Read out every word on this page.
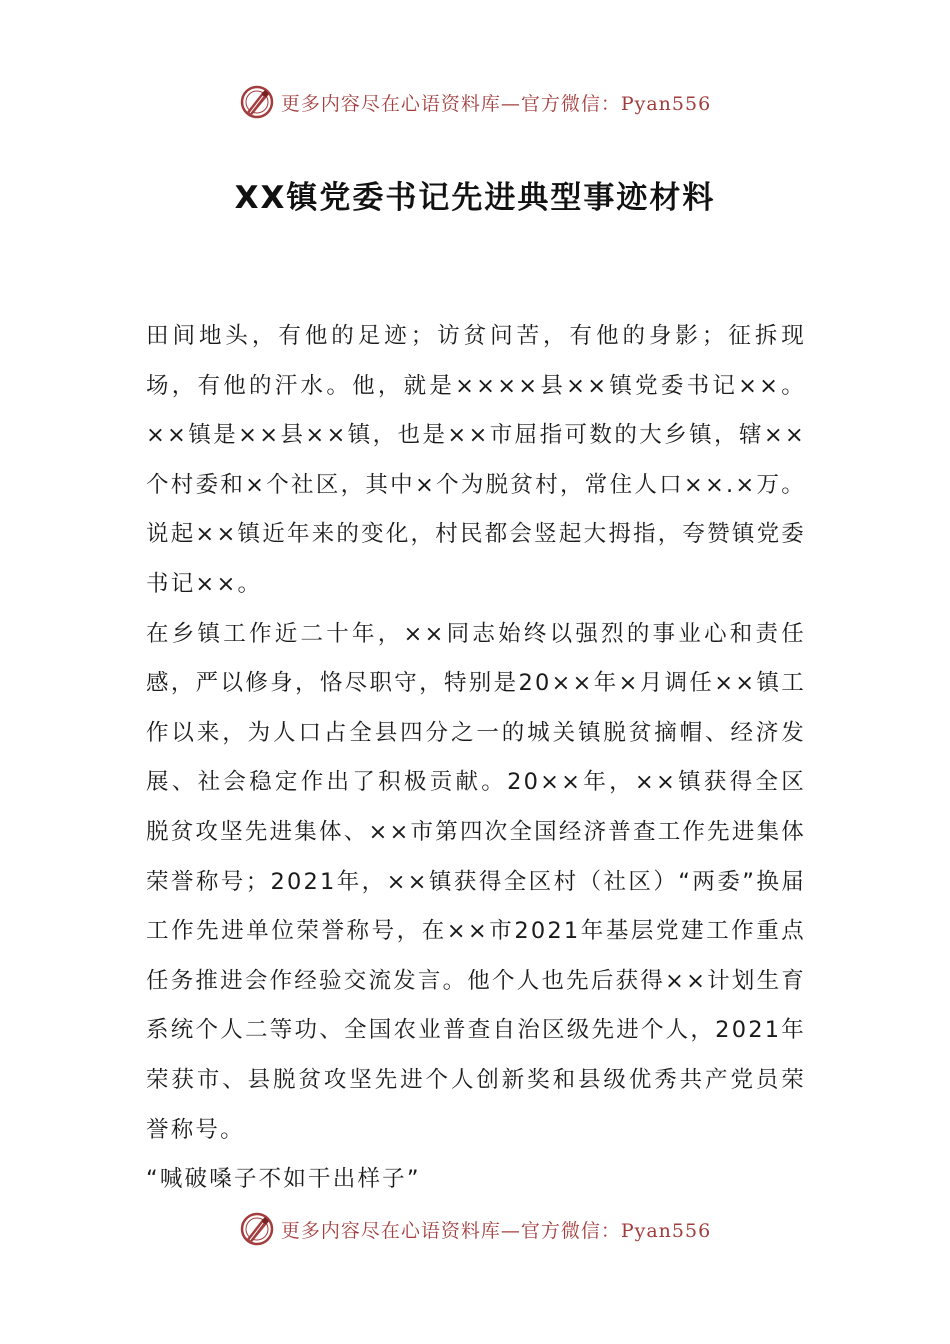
更多内容尽在心语资料库—官方微信：Pyan556
XX镇党委书记先进典型事迹材料

田间地头，有他的足迹；访贫问苦，有他的身影；征拆现场，有他的汗水。他，就是××××县××镇党委书记××。××镇是××县××镇，也是××市屈指可数的大乡镇，辖××个村委和×个社区，其中×个为脱贫村，常住人口××.×万。说起××镇近年来的变化，村民都会竖起大拇指，夸赞镇党委书记××。

在乡镇工作近二十年，××同志始终以强烈的事业心和责任感，严以修身，恪尽职守，特别是20××年×月调任××镇工作以来，为人口占全县四分之一的城关镇脱贫摘帽、经济发展、社会稳定作出了积极贡献。20××年，××镇获得全区脱贫攻坚先进集体、××市第四次全国经济普查工作先进集体荣誉称号；2021年，××镇获得全区村（社区）“两委”换届工作先进单位荣誉称号，在××市2021年基层党建工作重点任务推进会作经验交流发言。他个人也先后获得××计划生育系统个人二等功、全国农业普查自治区级先进个人，2021年荣获市、县脱贫攻坚先进个人创新奖和县级优秀共产党员荣誉称号。

“喊破嗓子不如干出样子”

更多内容尽在心语资料库—官方微信：Pyan556
